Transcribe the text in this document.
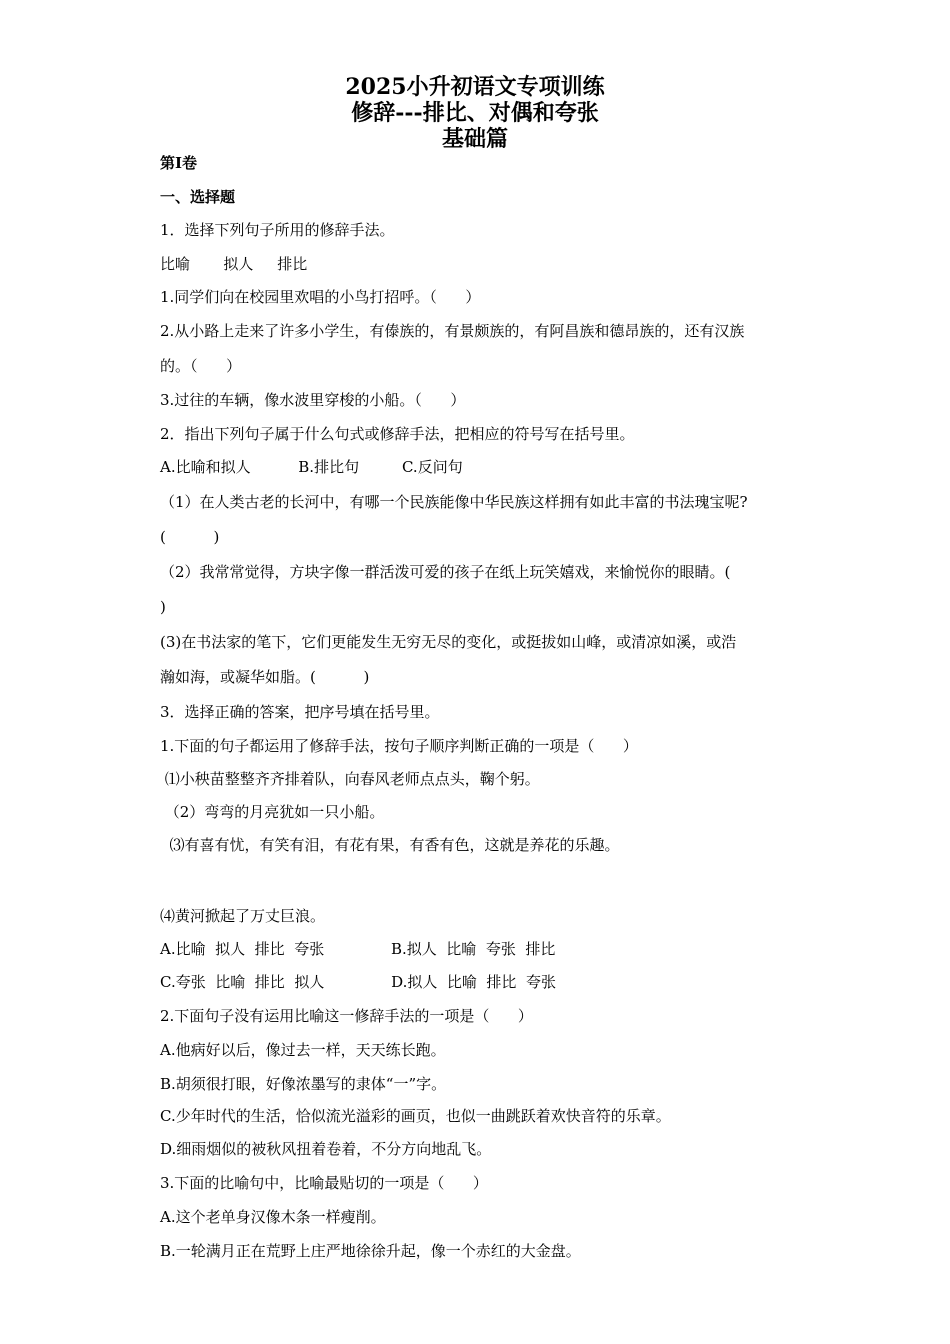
2025小升初语文专项训练
修辞---排比、对偶和夸张
基础篇
第Ⅰ卷
一、选择题
1．选择下列句子所用的修辞手法。
比喻       拟人     排比
1.同学们向在校园里欢唱的小鸟打招呼。（      ）
2.从小路上走来了许多小学生，有傣族的，有景颇族的，有阿昌族和德昂族的，还有汉族
的。（      ）
3.过往的车辆，像水波里穿梭的小船。（      ）
2．指出下列句子属于什么句式或修辞手法，把相应的符号写在括号里。
A.比喻和拟人          B.排比句         C.反问句
（1）在人类古老的长河中，有哪一个民族能像中华民族这样拥有如此丰富的书法瑰宝呢?
(          )
（2）我常常觉得，方块字像一群活泼可爱的孩子在纸上玩笑嬉戏，来愉悦你的眼睛。(
)
(3)在书法家的笔下，它们更能发生无穷无尽的变化，或挺拔如山峰，或清凉如溪，或浩
瀚如海，或凝华如脂。(          )
3．选择正确的答案，把序号填在括号里。
1.下面的句子都运用了修辞手法，按句子顺序判断正确的一项是（      ）
⑴小秧苗整整齐齐排着队，向春风老师点点头，鞠个躬。
（2）弯弯的月亮犹如一只小船。
⑶有喜有忧，有笑有泪，有花有果，有香有色，这就是养花的乐趣。
⑷黄河掀起了万丈巨浪。
A.比喻  拟人  排比  夸张              B.拟人  比喻  夸张  排比
C.夸张  比喻  排比  拟人              D.拟人  比喻  排比  夸张
2.下面句子没有运用比喻这一修辞手法的一项是（      ）
A.他病好以后，像过去一样，天天练长跑。
B.胡须很打眼，好像浓墨写的隶体“一”字。
C.少年时代的生活，恰似流光溢彩的画页，也似一曲跳跃着欢快音符的乐章。
D.细雨烟似的被秋风扭着卷着，不分方向地乱飞。
3.下面的比喻句中，比喻最贴切的一项是（      ）
A.这个老单身汉像木条一样瘦削。
B.一轮满月正在荒野上庄严地徐徐升起，像一个赤红的大金盘。
